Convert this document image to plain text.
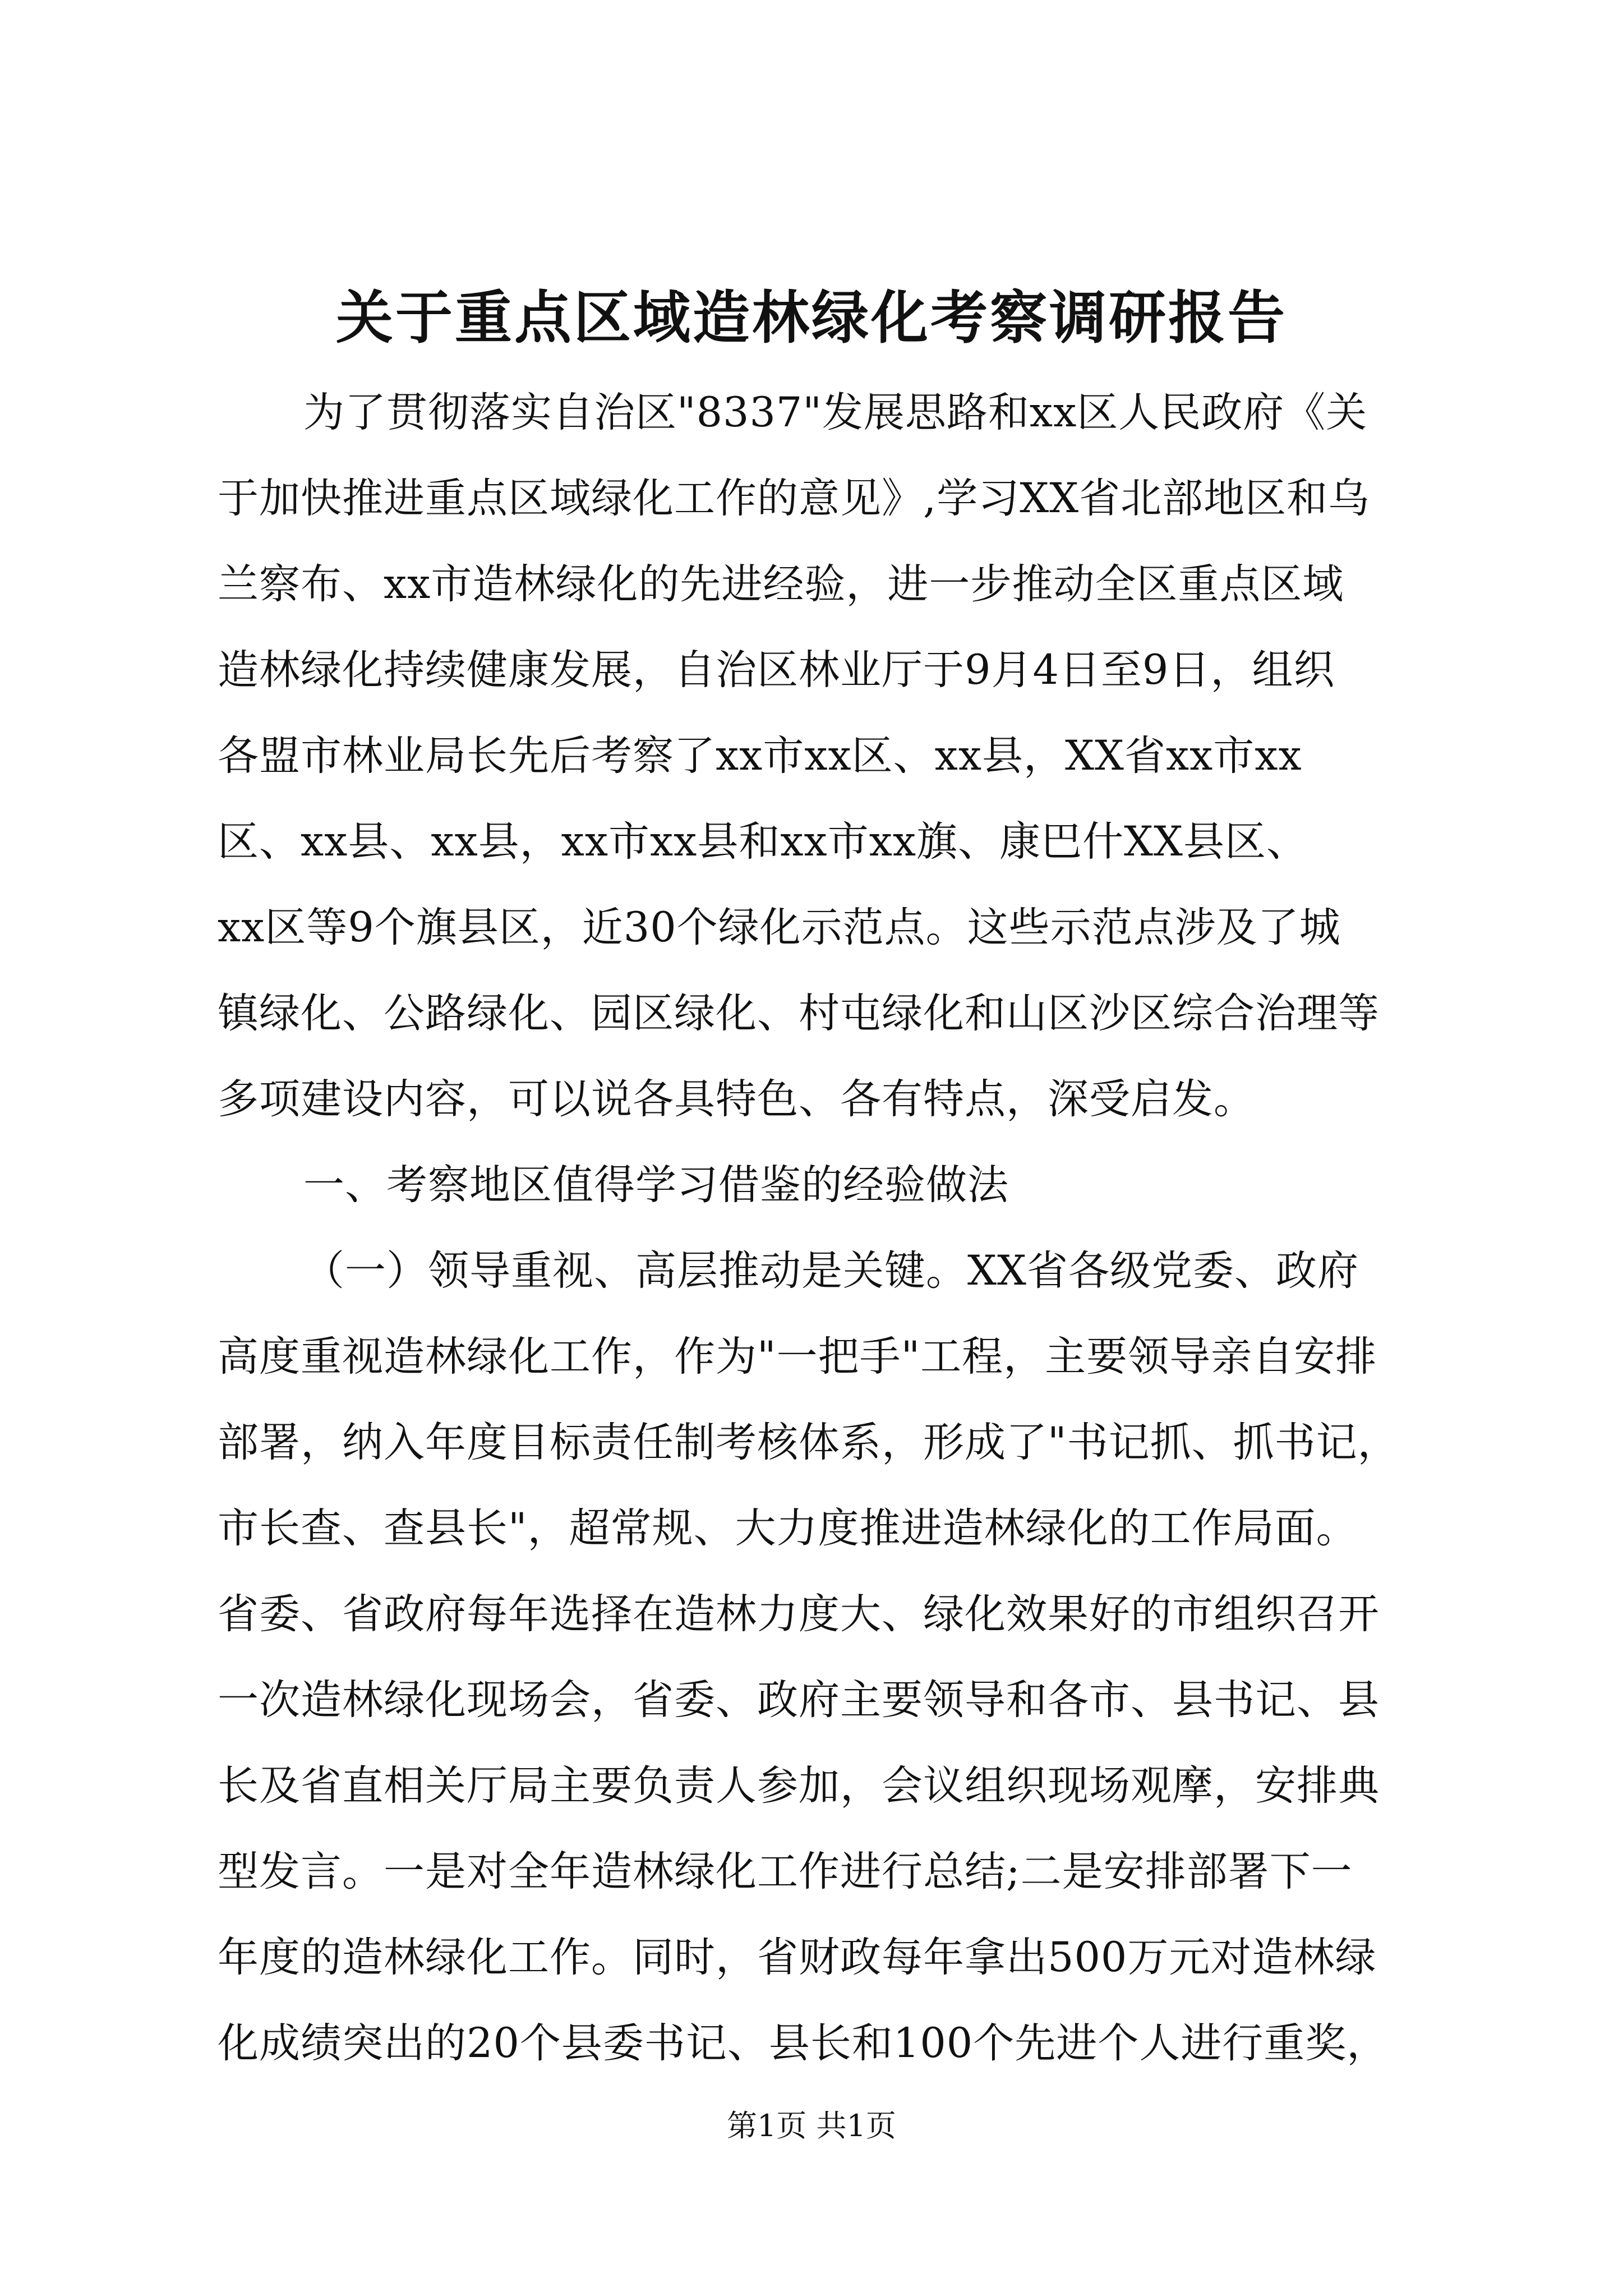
关于重点区域造林绿化考察调研报告
为了贯彻落实自治区"8337"发展思路和xx区人民政府《关
于加快推进重点区域绿化工作的意见》,学习XX省北部地区和乌
兰察布、xx市造林绿化的先进经验，进一步推动全区重点区域
造林绿化持续健康发展，自治区林业厅于9月4日至9日，组织
各盟市林业局长先后考察了xx市xx区、xx县，XX省xx市xx
区、xx县、xx县，xx市xx县和xx市xx旗、康巴什XX县区、
xx区等9个旗县区，近30个绿化示范点。这些示范点涉及了城
镇绿化、公路绿化、园区绿化、村屯绿化和山区沙区综合治理等
多项建设内容，可以说各具特色、各有特点，深受启发。
一、考察地区值得学习借鉴的经验做法
（一）领导重视、高层推动是关键。XX省各级党委、政府
高度重视造林绿化工作，作为"一把手"工程，主要领导亲自安排
部署，纳入年度目标责任制考核体系，形成了"书记抓、抓书记，
市长查、查县长"，超常规、大力度推进造林绿化的工作局面。
省委、省政府每年选择在造林力度大、绿化效果好的市组织召开
一次造林绿化现场会，省委、政府主要领导和各市、县书记、县
长及省直相关厅局主要负责人参加，会议组织现场观摩，安排典
型发言。一是对全年造林绿化工作进行总结;二是安排部署下一
年度的造林绿化工作。同时，省财政每年拿出500万元对造林绿
化成绩突出的20个县委书记、县长和100个先进个人进行重奖，
第1页 共1页
